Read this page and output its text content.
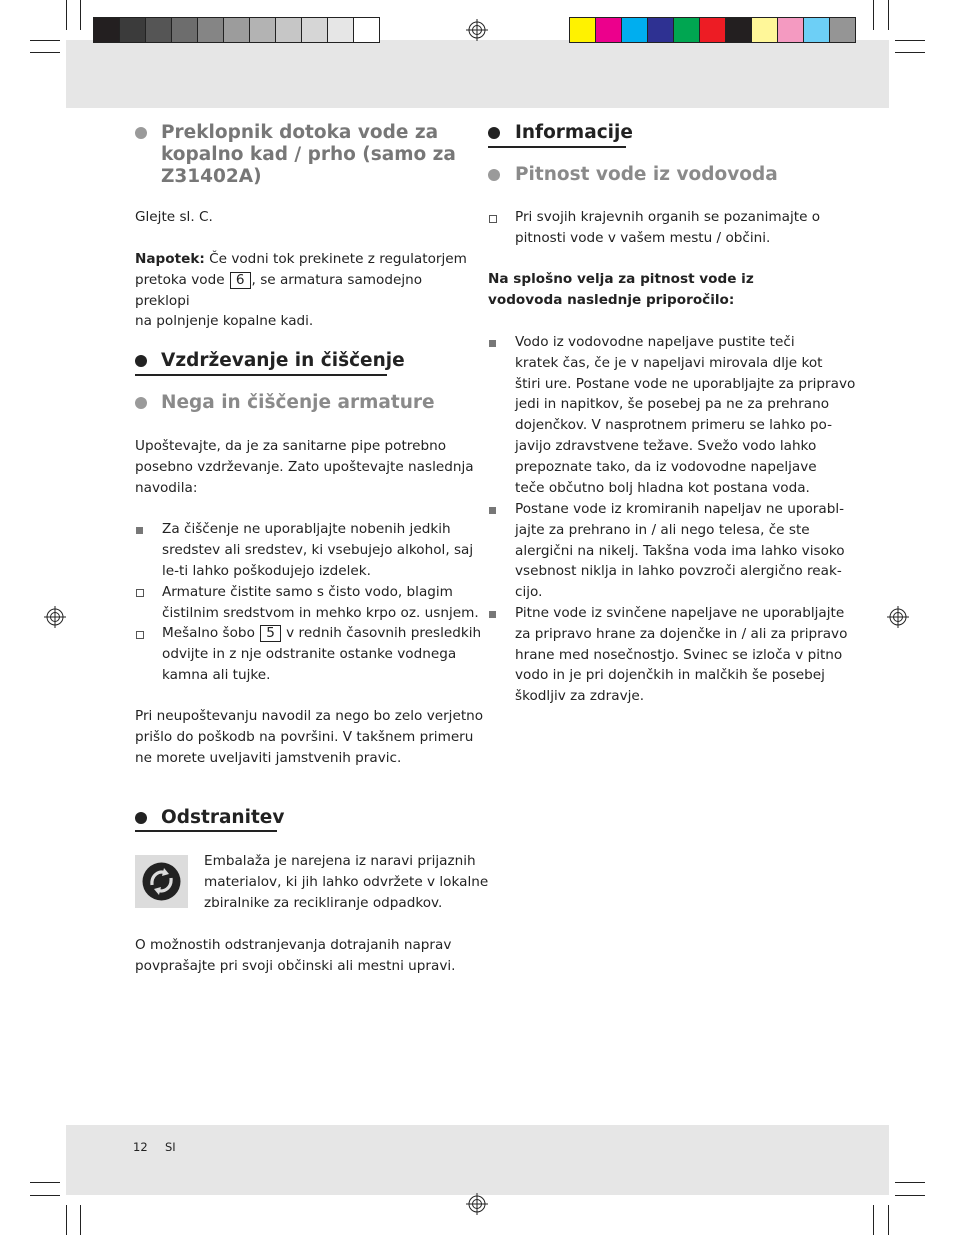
Preklopnik dotoka vode za
kopalno kad / prho (samo za
Z31402A)
Glejte sl. C.
Napotek: Če vodni tok prekinete z regulatorjem
pretoka vode 6 , se armatura samodejno preklopi
na polnjenje kopalne kadi.
Vzdrževanje in čiščenje
Nega in čiščenje armature
Upoštevajte, da je za sanitarne pipe potrebno
posebno vzdrževanje. Zato upoštevajte naslednja
navodila:
Za čiščenje ne uporabljajte nobenih jedkih
sredstev ali sredstev, ki vsebujejo alkohol, saj
le-ti lahko poškodujejo izdelek.
Armature čistite samo s čisto vodo, blagim
čistilnim sredstvom in mehko krpo oz. usnjem.
Mešalno šobo 5 v rednih časovnih presledkih
odvijte in z nje odstranite ostanke vodnega
kamna ali tujke.
Pri neupoštevanju navodil za nego bo zelo verjetno
prišlo do poškodb na površini. V takšnem primeru
ne morete uveljaviti jamstvenih pravic.
Odstranitev
Embalaža je narejena iz naravi prijaznih
materialov, ki jih lahko odvržete v lokalne
zbiralnike za recikliranje odpadkov.
O možnostih odstranjevanja dotrajanih naprav
povprašajte pri svoji občinski ali mestni upravi.
Informacije
Pitnost vode iz vodovoda
Pri svojih krajevnih organih se pozanimajte o
pitnosti vode v vašem mestu / občini.
Na splošno velja za pitnost vode iz
vodovoda naslednje priporočilo:
Vodo iz vodovodne napeljave pustite teči
kratek čas, če je v napeljavi mirovala dlje kot
štiri ure. Postane vode ne uporabljajte za pripravo
jedi in napitkov, še posebej pa ne za prehrano
dojenčkov. V nasprotnem primeru se lahko po-
javijo zdravstvene težave. Svežo vodo lahko
prepoznate tako, da iz vodovodne napeljave
teče občutno bolj hladna kot postana voda.
Postane vode iz kromiranih napeljav ne uporabl-
jajte za prehrano in / ali nego telesa, če ste
alergični na nikelj. Takšna voda ima lahko visoko
vsebnost niklja in lahko povzroči alergično reak-
cijo.
Pitne vode iz svinčene napeljave ne uporabljajte
za pripravo hrane za dojenčke in / ali za pripravo
hrane med nosečnostjo. Svinec se izloča v pitno
vodo in je pri dojenčkih in malčkih še posebej
škodljiv za zdravje.
12 SI
